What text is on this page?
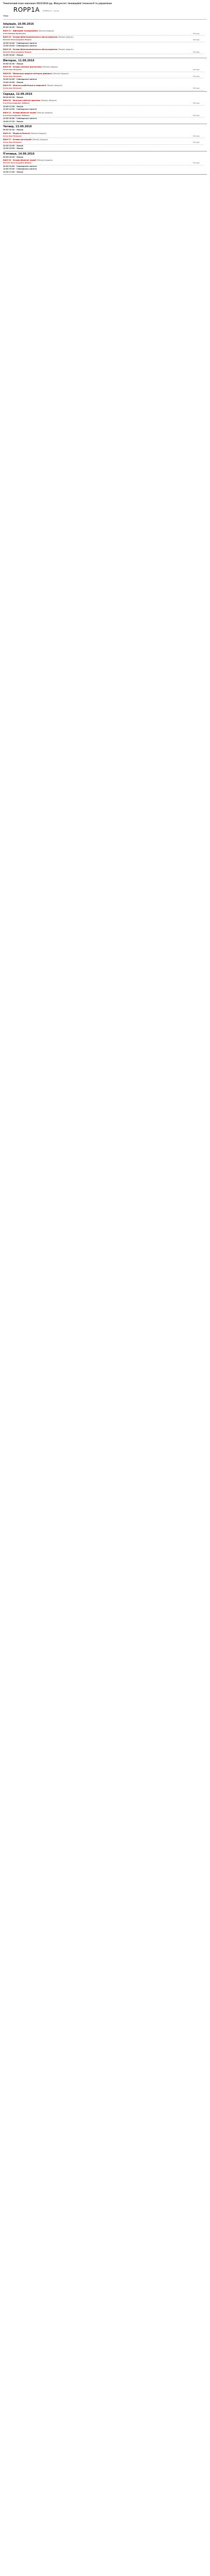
Тематичний план навчання 2015/2016 рр. Факультет: Інноваційні технології та управління
ROPP1A (ROPP1A1:1 - лекції)
Тема
Ініціація, 10.09.2016
09:00-10:30 - Лекція
RAIH-11 - Інфекційні захворювання (Лекція) (модуль)
Алла Іванівна Кравченко	101 ауд.
RAIH-18 - Основи фізіотерапевтичного обслуговування (Лекція) (модуль)
Наталія Олександрівна Ліщина	101 ауд.
10:30-12:00 - Семінарське заняття
13:00-15:00 - Семінарське заняття
RAIH-18 - Основи фізіотерапевтичного обслуговування (Лекція) (модуль)
Наталія Олександрівна Ліщина	101 ауд.
13:30-15:00 - Лекція
Вівторок, 11.09.2016
09:00-10:30 - Лекція
RAIH-96 - Основи клінічної діагностики (Лекція) (модуль)
Антон Іван Петренко	101 ауд.
RAIH-89 - Мінімальна медико-санітарна допомога (Лекція) (модуль)
Антон Іван Петренко	101 ауд.
10:30-12:00 - Семінарське заняття
13:00-15:00 - Лекція
RAIH-99 - Фізична реабілітація в неврології (Лекція) (модуль)
Антон Іван Петренко	101 ауд.
Середа, 12.09.2016
08:00-09:30 - Лекція
RAIH-04 - Загальна клінічна практика (Лекція) (модуль)
Ігор Олександрович Лобинка	101 ауд.
10:00-11:30 - Лекція
12:00-14:00 - Семінарське заняття
RAIH-12 - Основи фізичної терапії (Лекція) (модуль)
Ігор Олександрович Лобинка	101 ауд.
14:30-16:00 - Семінарське заняття
16:00-17:30 - Лекція
Четвер, 13.09.2016
09:00-10:30 - Лекція
RAIH-01 - Медична біологія (Лекція) (модуль)
Антон Іван Петренко	101 ауд.
RAIH-17 - Основи ерготерапії (Лекція) (модуль)
Антон Іван Петренко	101 ауд.
10:30-12:00 - Лекція
13:00-15:00 - Лекція
П'ятниця, 14.09.2016
09:00-10:30 - Лекція
RAIH-16 - Основи фізичної терапії (Лекція) (модуль)
Наталія Олександрівна Ліщина	101 ауд.
10:30-12:00 - Семінарське заняття
13:00-15:00 - Семінарське заняття
15:30-17:00 - Лекція
